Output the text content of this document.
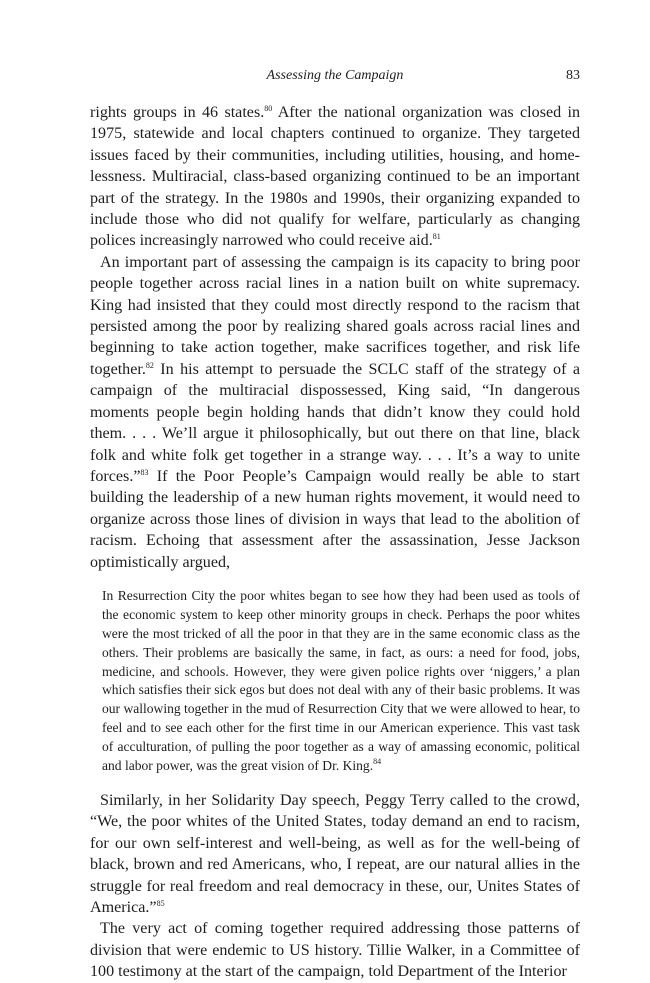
Assessing the Campaign	83

rights groups in 46 states.$^{80}$ After the national organization was closed in 1975, statewide and local chapters continued to organize. They targeted issues faced by their communities, including utilities, housing, and homelessness. Multiracial, class-based organizing continued to be an important part of the strategy. In the 1980s and 1990s, their organizing expanded to include those who did not qualify for welfare, particularly as changing polices increasingly narrowed who could receive aid.$^{81}$

An important part of assessing the campaign is its capacity to bring poor people together across racial lines in a nation built on white supremacy. King had insisted that they could most directly respond to the racism that persisted among the poor by realizing shared goals across racial lines and beginning to take action together, make sacrifices together, and risk life together.$^{82}$ In his attempt to persuade the SCLC staff of the strategy of a campaign of the multiracial dispossessed, King said, “In dangerous moments people begin holding hands that didn’t know they could hold them. . . . We’ll argue it philosophically, but out there on that line, black folk and white folk get together in a strange way. . . . It’s a way to unite forces.”$^{83}$ If the Poor People’s Campaign would really be able to start building the leadership of a new human rights movement, it would need to organize across those lines of division in ways that lead to the abolition of racism. Echoing that assessment after the assassination, Jesse Jackson optimistically argued,

In Resurrection City the poor whites began to see how they had been used as tools of the economic system to keep other minority groups in check. Perhaps the poor whites were the most tricked of all the poor in that they are in the same economic class as the others. Their problems are basically the same, in fact, as ours: a need for food, jobs, medicine, and schools. However, they were given police rights over ‘niggers,’ a plan which satisfies their sick egos but does not deal with any of their basic problems. It was our wallowing together in the mud of Resurrection City that we were allowed to hear, to feel and to see each other for the first time in our American experience. This vast task of acculturation, of pulling the poor together as a way of amassing economic, political and labor power, was the great vision of Dr. King.$^{84}$

Similarly, in her Solidarity Day speech, Peggy Terry called to the crowd, “We, the poor whites of the United States, today demand an end to racism, for our own self-interest and well-being, as well as for the well-being of black, brown and red Americans, who, I repeat, are our natural allies in the struggle for real freedom and real democracy in these, our, Unites States of America.”$^{85}$

The very act of coming together required addressing those patterns of division that were endemic to US history. Tillie Walker, in a Committee of 100 testimony at the start of the campaign, told Department of the Interior
